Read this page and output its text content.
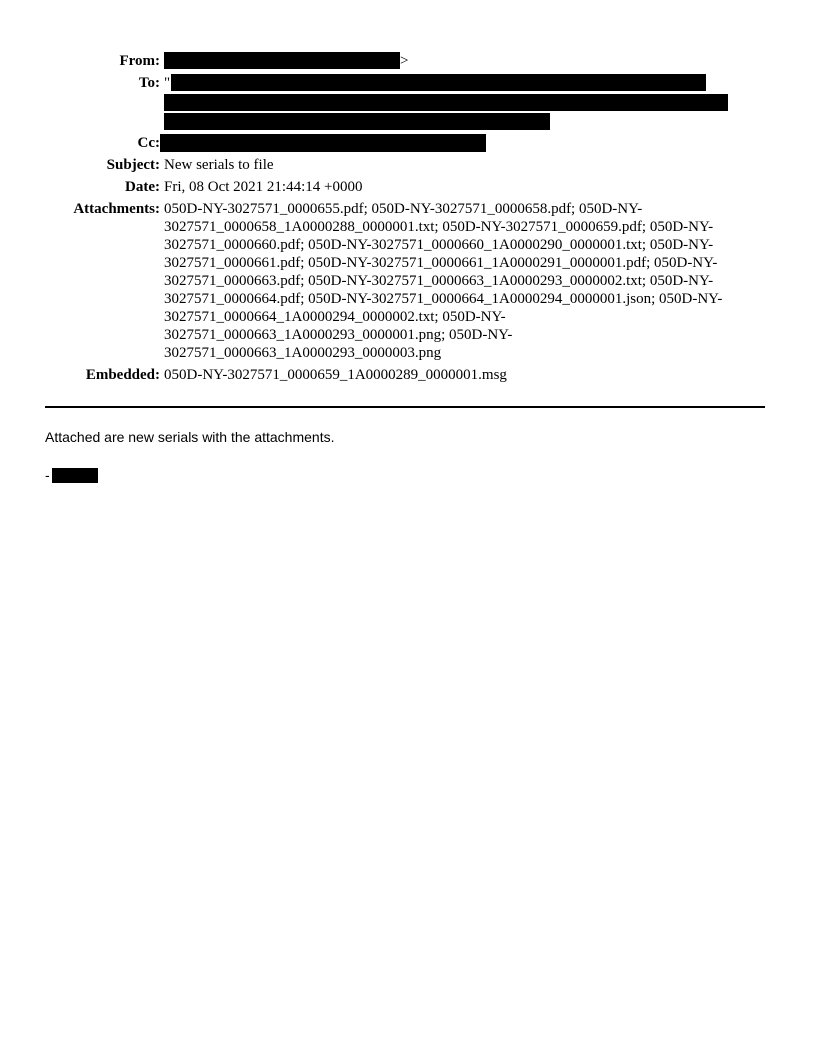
From:	>
To: "
Cc:
Subject: New serials to file
Date: Fri, 08 Oct 2021 21:44:14 +0000
Attachments: 050D-NY-3027571_0000655.pdf; 050D-NY-3027571_0000658.pdf; 050D-NY-
3027571_0000658_1A0000288_0000001.txt; 050D-NY-3027571_0000659.pdf; 050D-NY-
3027571_0000660.pdf; 050D-NY-3027571_0000660_1A0000290_0000001.txt; 050D-NY-
3027571_0000661.pdf; 050D-NY-3027571_0000661_1A0000291_0000001.pdf; 050D-NY-
3027571_0000663.pdf; 050D-NY-3027571_0000663_1A0000293_0000002.txt; 050D-NY-
3027571_0000664.pdf; 050D-NY-3027571_0000664_1A0000294_0000001.json; 050D-NY-
3027571_0000664_1A0000294_0000002.txt; 050D-NY-
3027571_0000663_1A0000293_0000001.png; 050D-NY-
3027571_0000663_1A0000293_0000003.png
Embedded: 050D-NY-3027571_0000659_1A0000289_0000001.msg

Attached are new serials with the attachments.

-
